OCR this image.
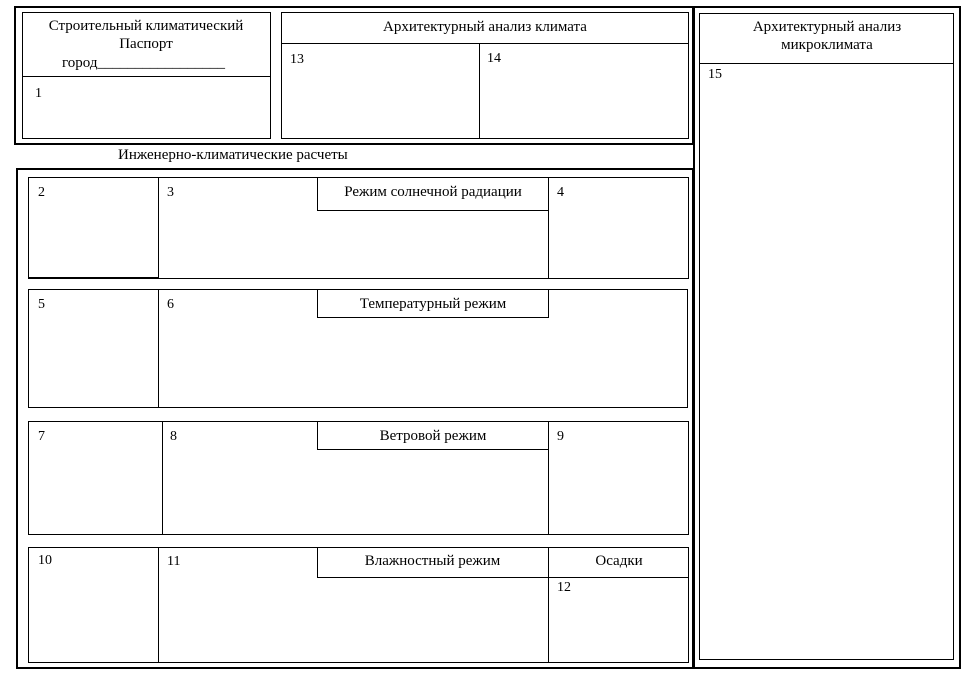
Строительный климатический Паспорт
город_________________
1
Архитектурный анализ климата
13	14
Архитектурный анализ микроклимата
15
Инженерно-климатические расчеты
Режим солнечной радиации
2	3	4
Температурный режим
5	6
Ветровой режим
7	8	9
Влажностный режим	Осадки
10	11
12
